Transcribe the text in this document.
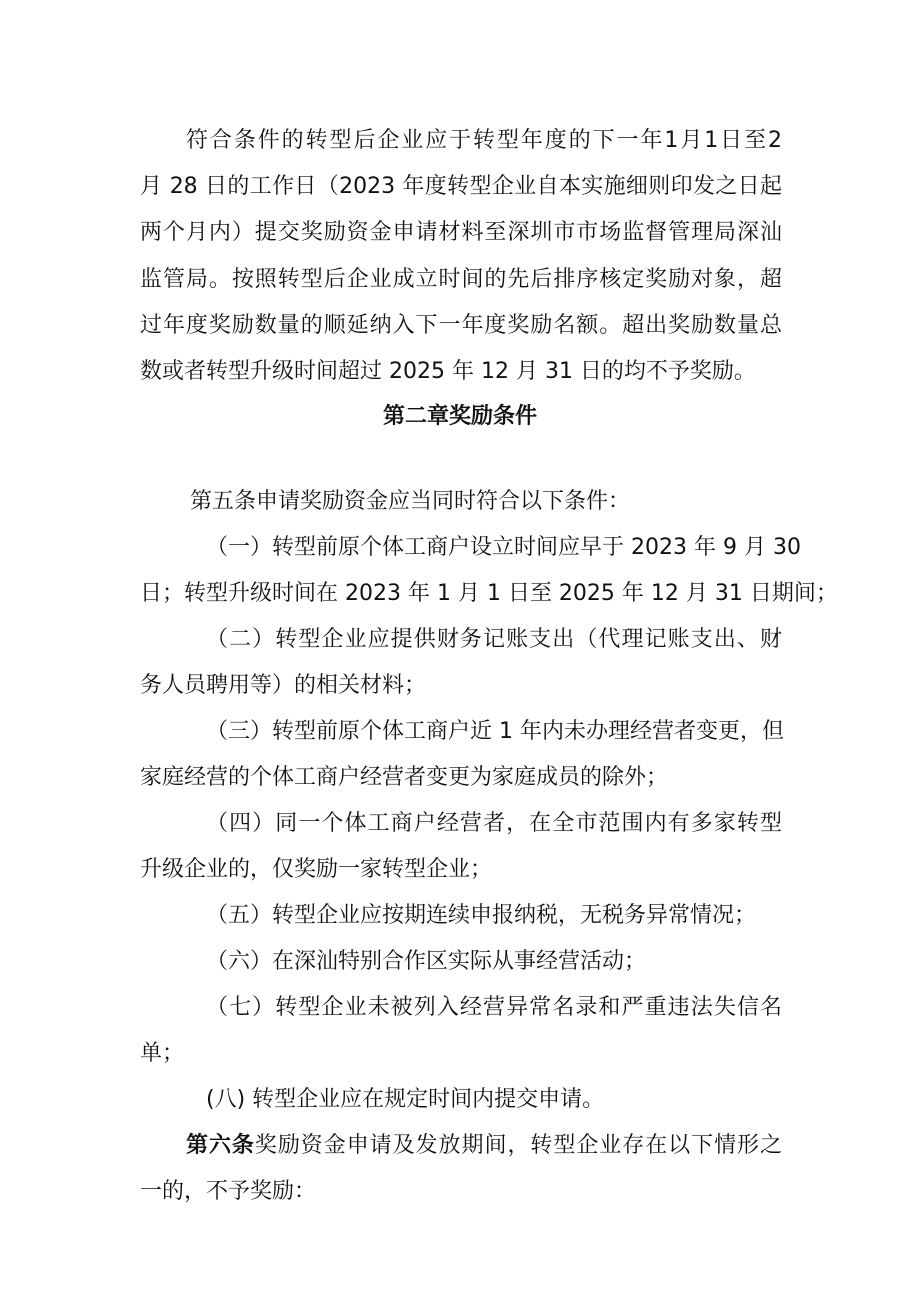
符合条件的转型后企业应于转型年度的下一年1月1日至2
月 28 日的工作日（2023 年度转型企业自本实施细则印发之日起
两个月内）提交奖励资金申请材料至深圳市市场监督管理局深汕
监管局。按照转型后企业成立时间的先后排序核定奖励对象，超
过年度奖励数量的顺延纳入下一年度奖励名额。超出奖励数量总
数或者转型升级时间超过 2025 年 12 月 31 日的均不予奖励。
第二章奖励条件
第五条申请奖励资金应当同时符合以下条件：
（一）转型前原个体工商户设立时间应早于 2023 年 9 月 30
日；转型升级时间在 2023 年 1 月 1 日至 2025 年 12 月 31 日期间；
（二）转型企业应提供财务记账支出（代理记账支出、财
务人员聘用等）的相关材料；
（三）转型前原个体工商户近 1 年内未办理经营者变更，但
家庭经营的个体工商户经营者变更为家庭成员的除外；
（四）同一个体工商户经营者，在全市范围内有多家转型
升级企业的，仅奖励一家转型企业；
（五）转型企业应按期连续申报纳税，无税务异常情况；
（六）在深汕特别合作区实际从事经营活动；
（七）转型企业未被列入经营异常名录和严重违法失信名
单；
(八) 转型企业应在规定时间内提交申请。
第六条奖励资金申请及发放期间，转型企业存在以下情形之
一的，不予奖励：
